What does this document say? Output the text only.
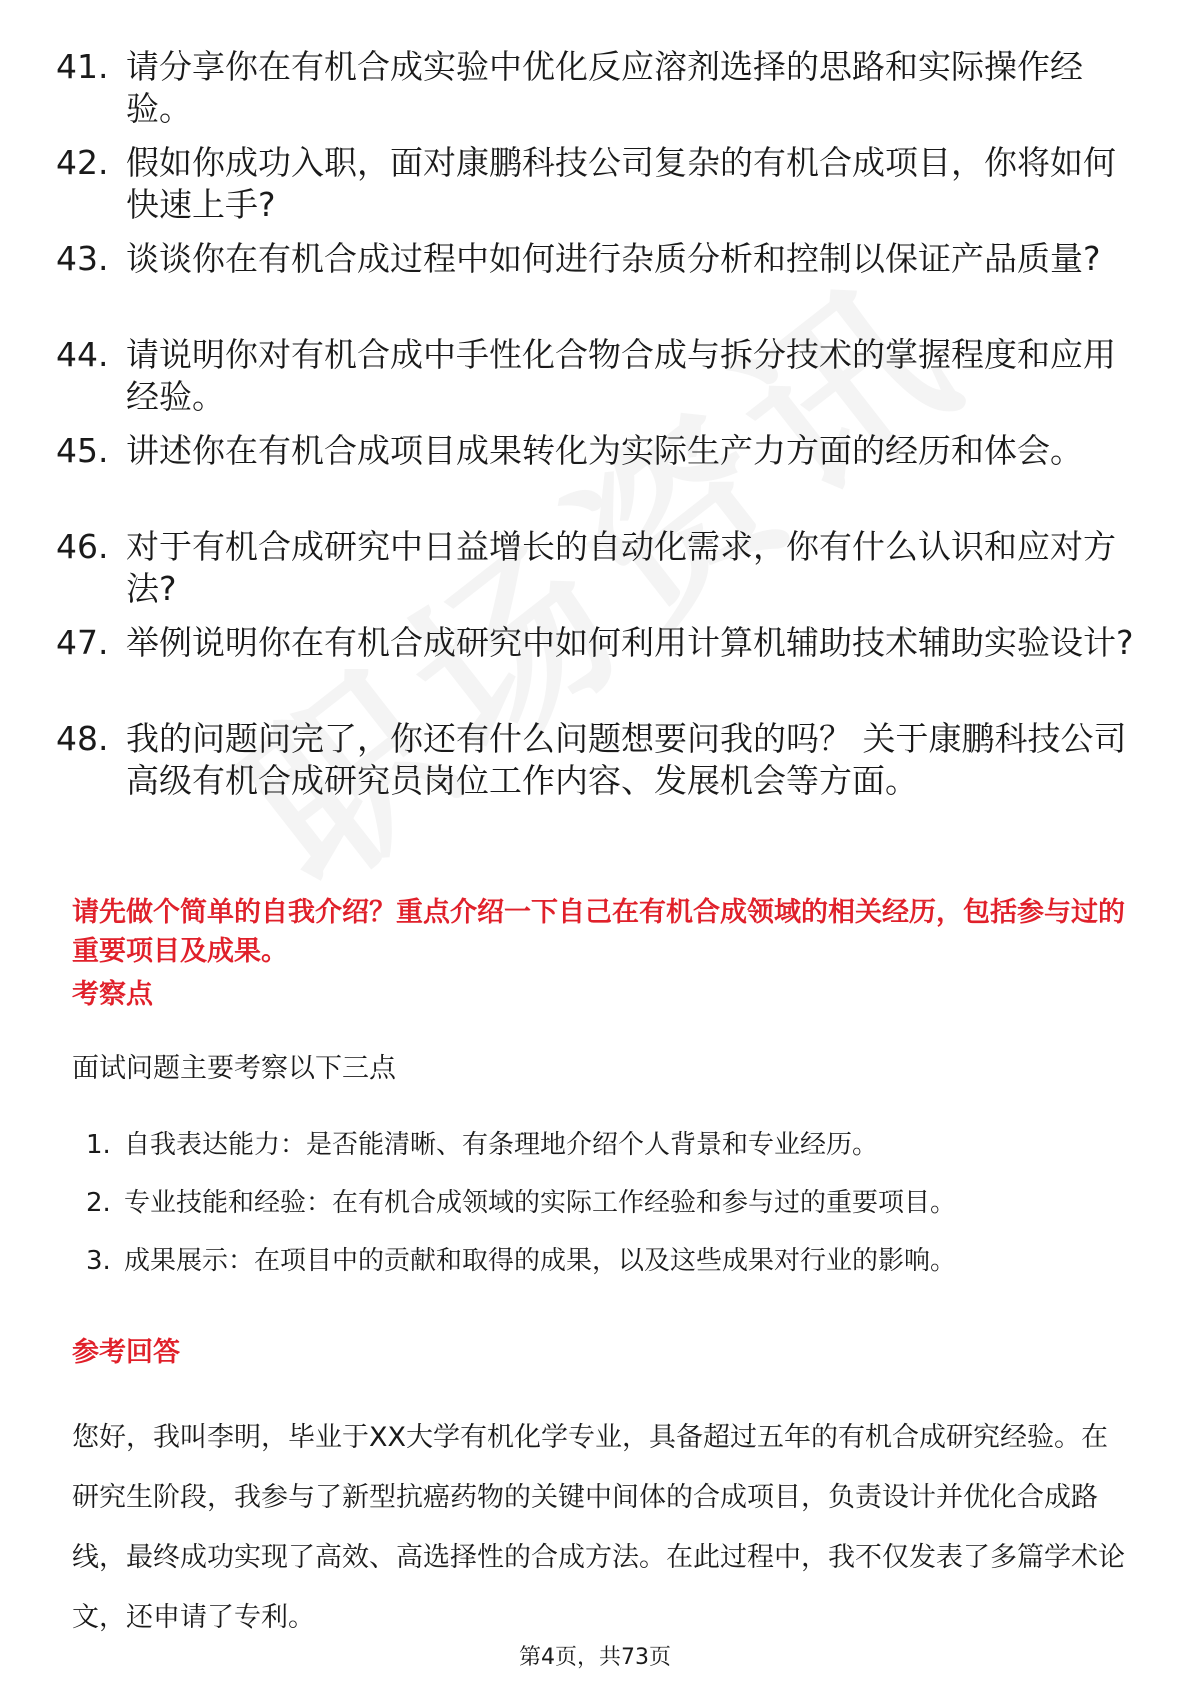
41. 请分享你在有机合成实验中优化反应溶剂选择的思路和实际操作经验。
42. 假如你成功入职，面对康鹏科技公司复杂的有机合成项目，你将如何快速上手?
43. 谈谈你在有机合成过程中如何进行杂质分析和控制以保证产品质量?
44. 请说明你对有机合成中手性化合物合成与拆分技术的掌握程度和应用经验。
45. 讲述你在有机合成项目成果转化为实际生产力方面的经历和体会。
46. 对于有机合成研究中日益增长的自动化需求，你有什么认识和应对方法?
47. 举例说明你在有机合成研究中如何利用计算机辅助技术辅助实验设计?
48. 我的问题问完了，你还有什么问题想要问我的吗？ 关于康鹏科技公司高级有机合成研究员岗位工作内容、发展机会等方面。
请先做个简单的自我介绍？重点介绍一下自己在有机合成领域的相关经历，包括参与过的重要项目及成果。
考察点
面试问题主要考察以下三点
1. 自我表达能力：是否能清晰、有条理地介绍个人背景和专业经历。
2. 专业技能和经验：在有机合成领域的实际工作经验和参与过的重要项目。
3. 成果展示：在项目中的贡献和取得的成果，以及这些成果对行业的影响。
参考回答
您好，我叫李明，毕业于XX大学有机化学专业，具备超过五年的有机合成研究经验。在研究生阶段，我参与了新型抗癌药物的关键中间体的合成项目，负责设计并优化合成路线，最终成功实现了高效、高选择性的合成方法。在此过程中，我不仅发表了多篇学术论文，还申请了专利。
第4页，共73页
